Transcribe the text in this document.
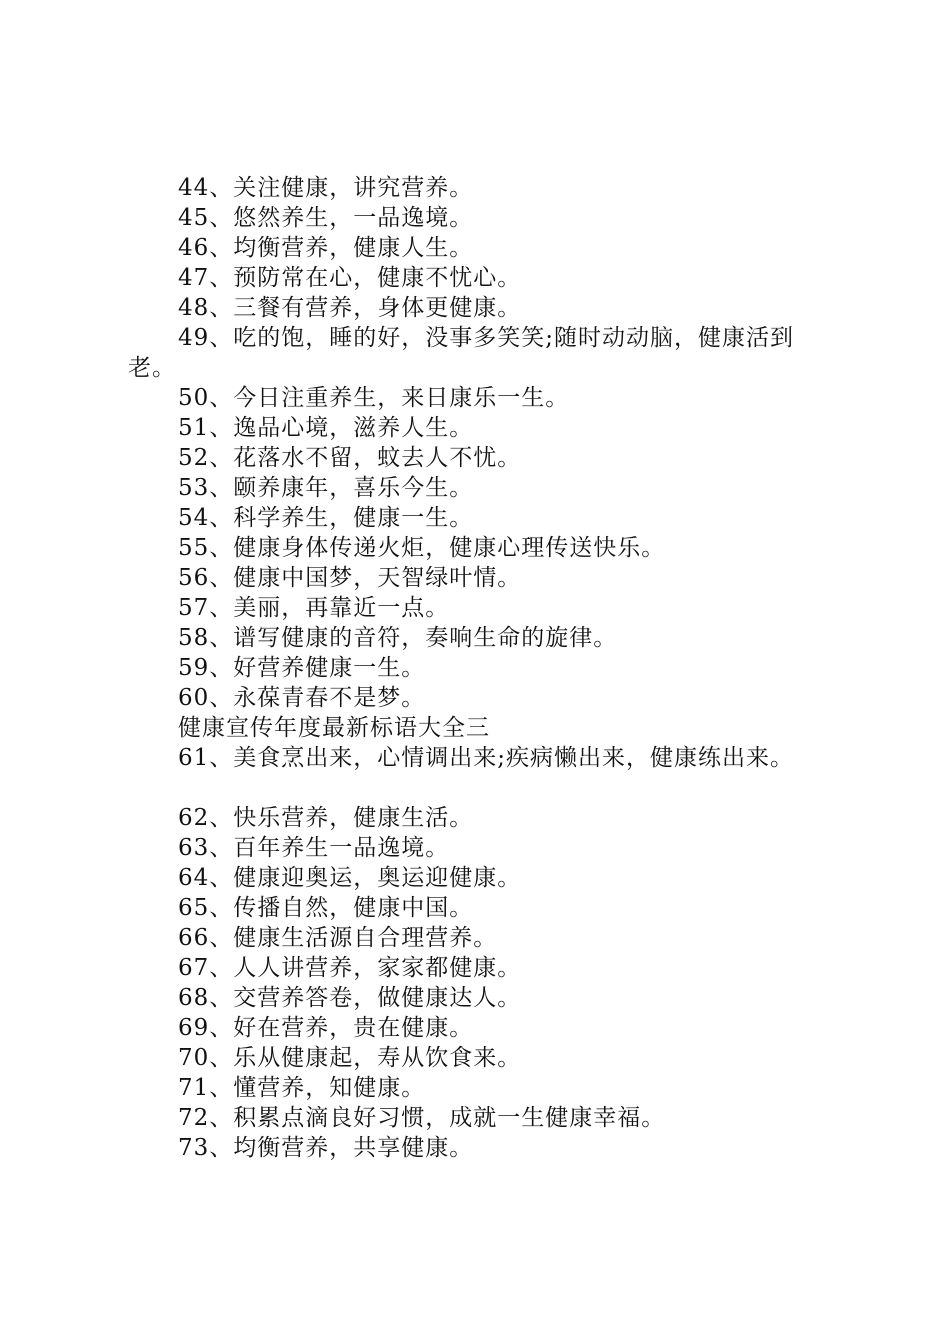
44、关注健康，讲究营养。
45、悠然养生，一品逸境。
46、均衡营养，健康人生。
47、预防常在心，健康不忧心。
48、三餐有营养，身体更健康。
49、吃的饱，睡的好，没事多笑笑;随时动动脑，健康活到
老。
50、今日注重养生，来日康乐一生。
51、逸品心境，滋养人生。
52、花落水不留，蚊去人不忧。
53、颐养康年，喜乐今生。
54、科学养生，健康一生。
55、健康身体传递火炬，健康心理传送快乐。
56、健康中国梦，天智绿叶情。
57、美丽，再靠近一点。
58、谱写健康的音符，奏响生命的旋律。
59、好营养健康一生。
60、永葆青春不是梦。
健康宣传年度最新标语大全三
61、美食烹出来，心情调出来;疾病懒出来，健康练出来。
62、快乐营养，健康生活。
63、百年养生一品逸境。
64、健康迎奥运，奥运迎健康。
65、传播自然，健康中国。
66、健康生活源自合理营养。
67、人人讲营养，家家都健康。
68、交营养答卷，做健康达人。
69、好在营养，贵在健康。
70、乐从健康起，寿从饮食来。
71、懂营养，知健康。
72、积累点滴良好习惯，成就一生健康幸福。
73、均衡营养，共享健康。
